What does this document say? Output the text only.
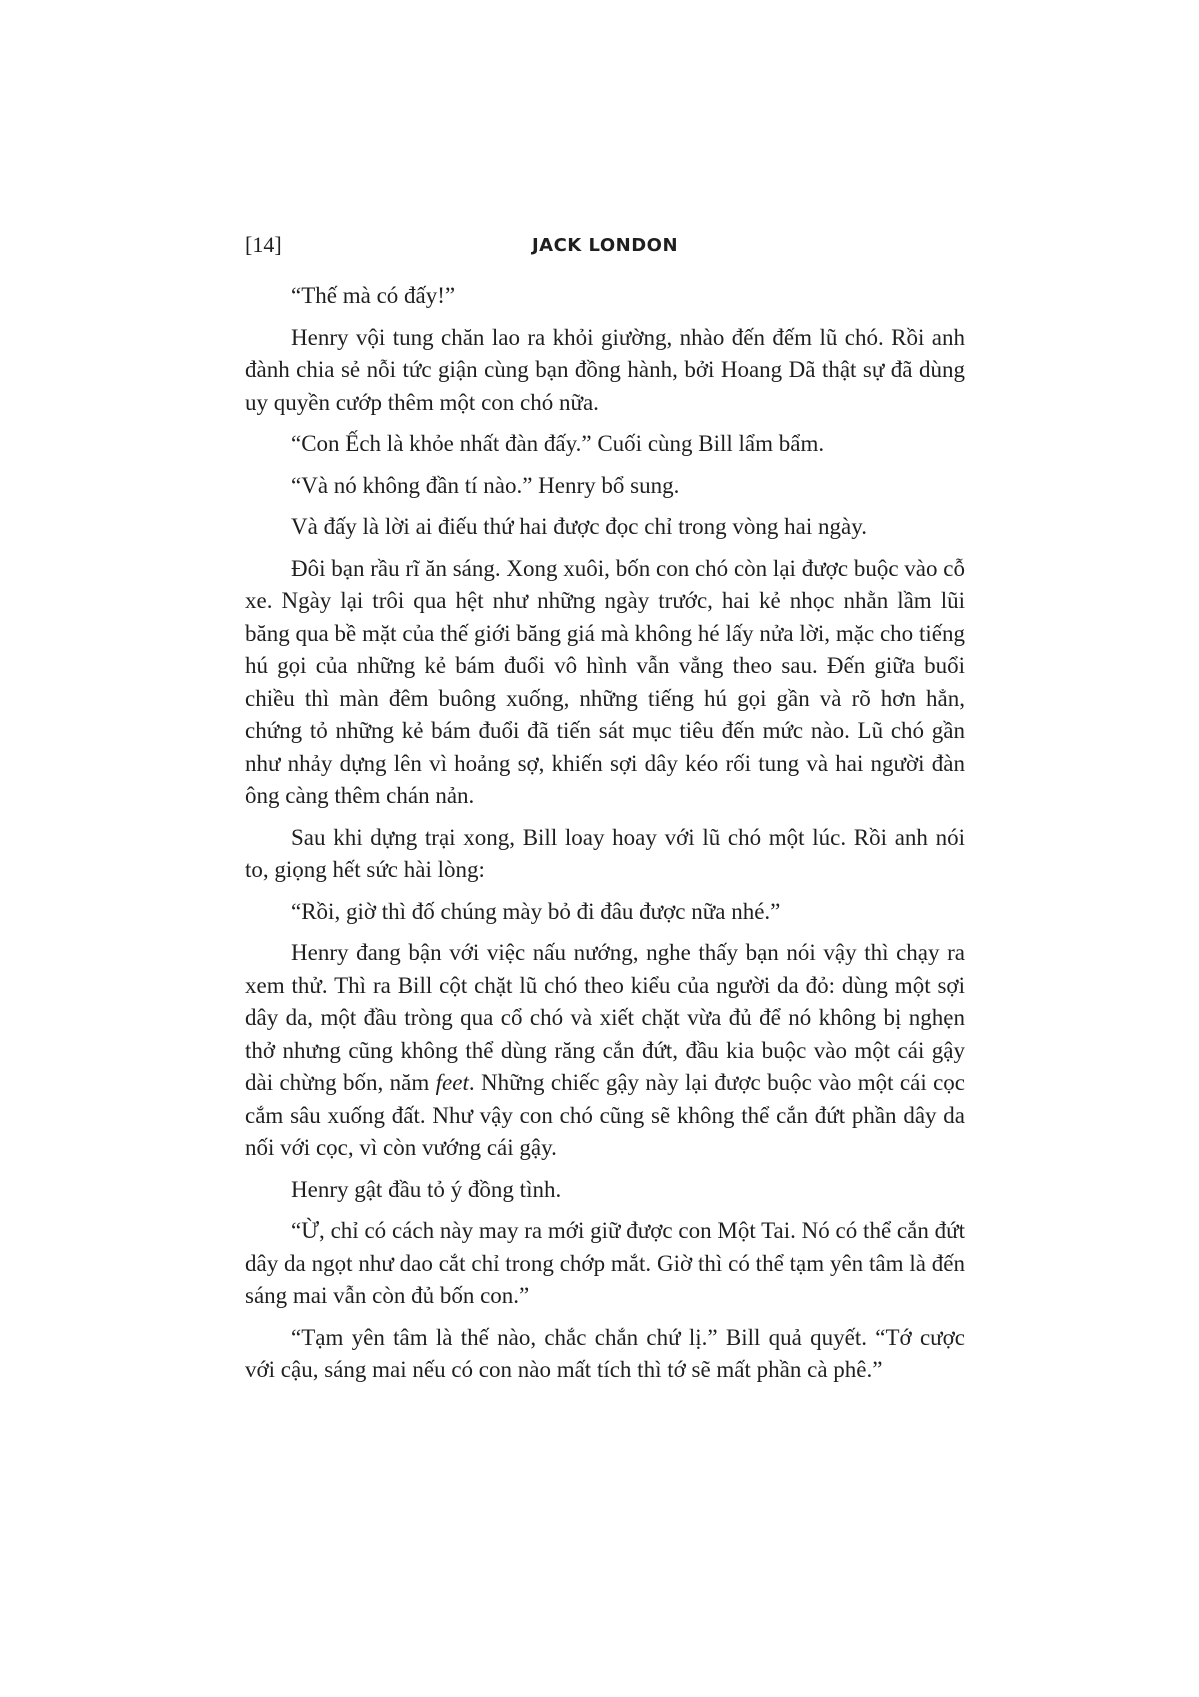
[14]	JACK LONDON

“Thế mà có đấy!”

Henry vội tung chăn lao ra khỏi giường, nhào đến đếm lũ chó. Rồi anh đành chia sẻ nỗi tức giận cùng bạn đồng hành, bởi Hoang Dã thật sự đã dùng uy quyền cướp thêm một con chó nữa.

“Con Ếch là khỏe nhất đàn đấy.” Cuối cùng Bill lẩm bẩm.

“Và nó không đần tí nào.” Henry bổ sung.

Và đấy là lời ai điếu thứ hai được đọc chỉ trong vòng hai ngày.

Đôi bạn rầu rĩ ăn sáng. Xong xuôi, bốn con chó còn lại được buộc vào cỗ xe. Ngày lại trôi qua hệt như những ngày trước, hai kẻ nhọc nhằn lầm lũi băng qua bề mặt của thế giới băng giá mà không hé lấy nửa lời, mặc cho tiếng hú gọi của những kẻ bám đuổi vô hình vẫn vẳng theo sau. Đến giữa buổi chiều thì màn đêm buông xuống, những tiếng hú gọi gần và rõ hơn hẳn, chứng tỏ những kẻ bám đuổi đã tiến sát mục tiêu đến mức nào. Lũ chó gần như nhảy dựng lên vì hoảng sợ, khiến sợi dây kéo rối tung và hai người đàn ông càng thêm chán nản.

Sau khi dựng trại xong, Bill loay hoay với lũ chó một lúc. Rồi anh nói to, giọng hết sức hài lòng:

“Rồi, giờ thì đố chúng mày bỏ đi đâu được nữa nhé.”

Henry đang bận với việc nấu nướng, nghe thấy bạn nói vậy thì chạy ra xem thử. Thì ra Bill cột chặt lũ chó theo kiểu của người da đỏ: dùng một sợi dây da, một đầu tròng qua cổ chó và xiết chặt vừa đủ để nó không bị nghẹn thở nhưng cũng không thể dùng răng cắn đứt, đầu kia buộc vào một cái gậy dài chừng bốn, năm feet. Những chiếc gậy này lại được buộc vào một cái cọc cắm sâu xuống đất. Như vậy con chó cũng sẽ không thể cắn đứt phần dây da nối với cọc, vì còn vướng cái gậy.

Henry gật đầu tỏ ý đồng tình.

“Ừ, chỉ có cách này may ra mới giữ được con Một Tai. Nó có thể cắn đứt dây da ngọt như dao cắt chỉ trong chớp mắt. Giờ thì có thể tạm yên tâm là đến sáng mai vẫn còn đủ bốn con.”

“Tạm yên tâm là thế nào, chắc chắn chứ lị.” Bill quả quyết. “Tớ cược với cậu, sáng mai nếu có con nào mất tích thì tớ sẽ mất phần cà phê.”
